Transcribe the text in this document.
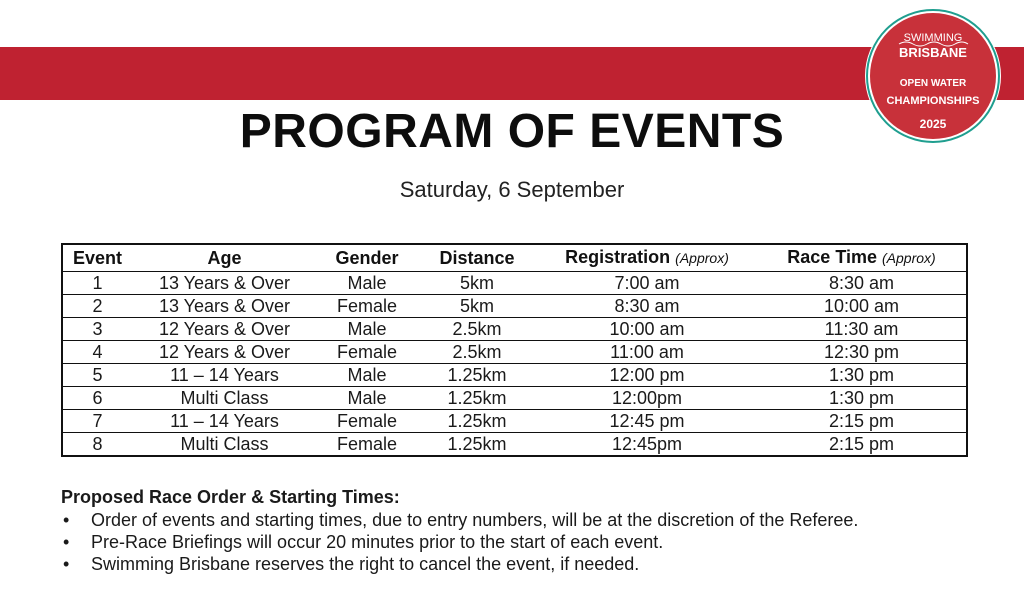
SWIMMING
BRISBANE
OPEN WATER
CHAMPIONSHIPS
2025
PROGRAM OF EVENTS
Saturday, 6 September
Event	Age	Gender	Distance	Registration (Approx)	Race Time (Approx)
1	13 Years & Over	Male	5km	7:00 am	8:30 am
2	13 Years & Over	Female	5km	8:30 am	10:00 am
3	12 Years & Over	Male	2.5km	10:00 am	11:30 am
4	12 Years & Over	Female	2.5km	11:00 am	12:30 pm
5	11 – 14 Years	Male	1.25km	12:00 pm	1:30 pm
6	Multi Class	Male	1.25km	12:00pm	1:30 pm
7	11 – 14 Years	Female	1.25km	12:45 pm	2:15 pm
8	Multi Class	Female	1.25km	12:45pm	2:15 pm
Proposed Race Order & Starting Times:
• Order of events and starting times, due to entry numbers, will be at the discretion of the Referee.
• Pre-Race Briefings will occur 20 minutes prior to the start of each event.
• Swimming Brisbane reserves the right to cancel the event, if needed.
